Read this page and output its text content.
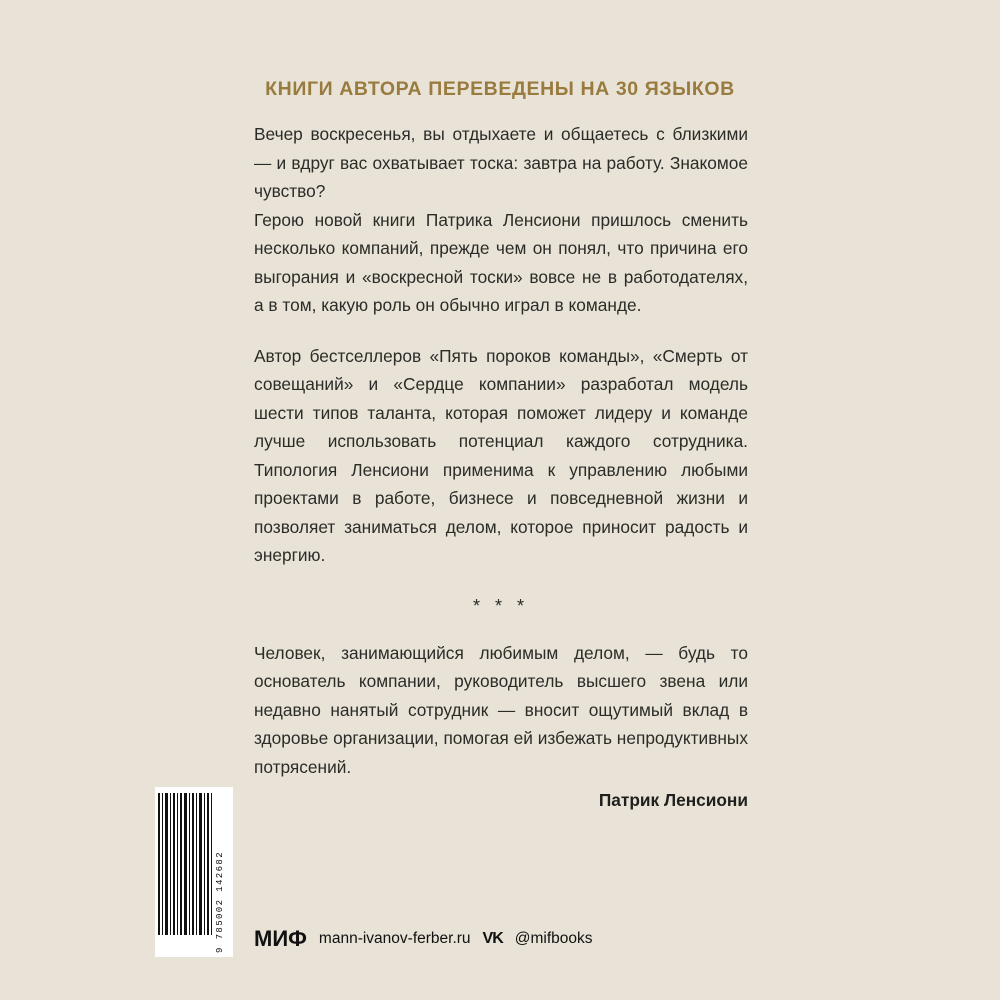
КНИГИ АВТОРА ПЕРЕВЕДЕНЫ НА 30 ЯЗЫКОВ

Вечер воскресенья, вы отдыхаете и общаетесь с близкими — и вдруг вас охватывает тоска: завтра на работу. Знакомое чувство?

Герою новой книги Патрика Ленсиони пришлось сменить несколько компаний, прежде чем он понял, что причина его выгорания и «воскресной тоски» вовсе не в работодателях, а в том, какую роль он обычно играл в команде.

Автор бестселлеров «Пять пороков команды», «Смерть от совещаний» и «Сердце компании» разработал модель шести типов таланта, которая поможет лидеру и команде лучше использовать потенциал каждого сотрудника. Типология Ленсиони применима к управлению любыми проектами в работе, бизнесе и повседневной жизни и позволяет заниматься делом, которое приносит радость и энергию.

* * *

Человек, занимающийся любимым делом, — будь то основатель компании, руководитель высшего звена или недавно нанятый сотрудник — вносит ощутимый вклад в здоровье организации, помогая ей избежать непродуктивных потрясений.

Патрик Ленсиони
9 785002 142682 МИФ mann-ivanov-ferber.ru VK @mifbooks
